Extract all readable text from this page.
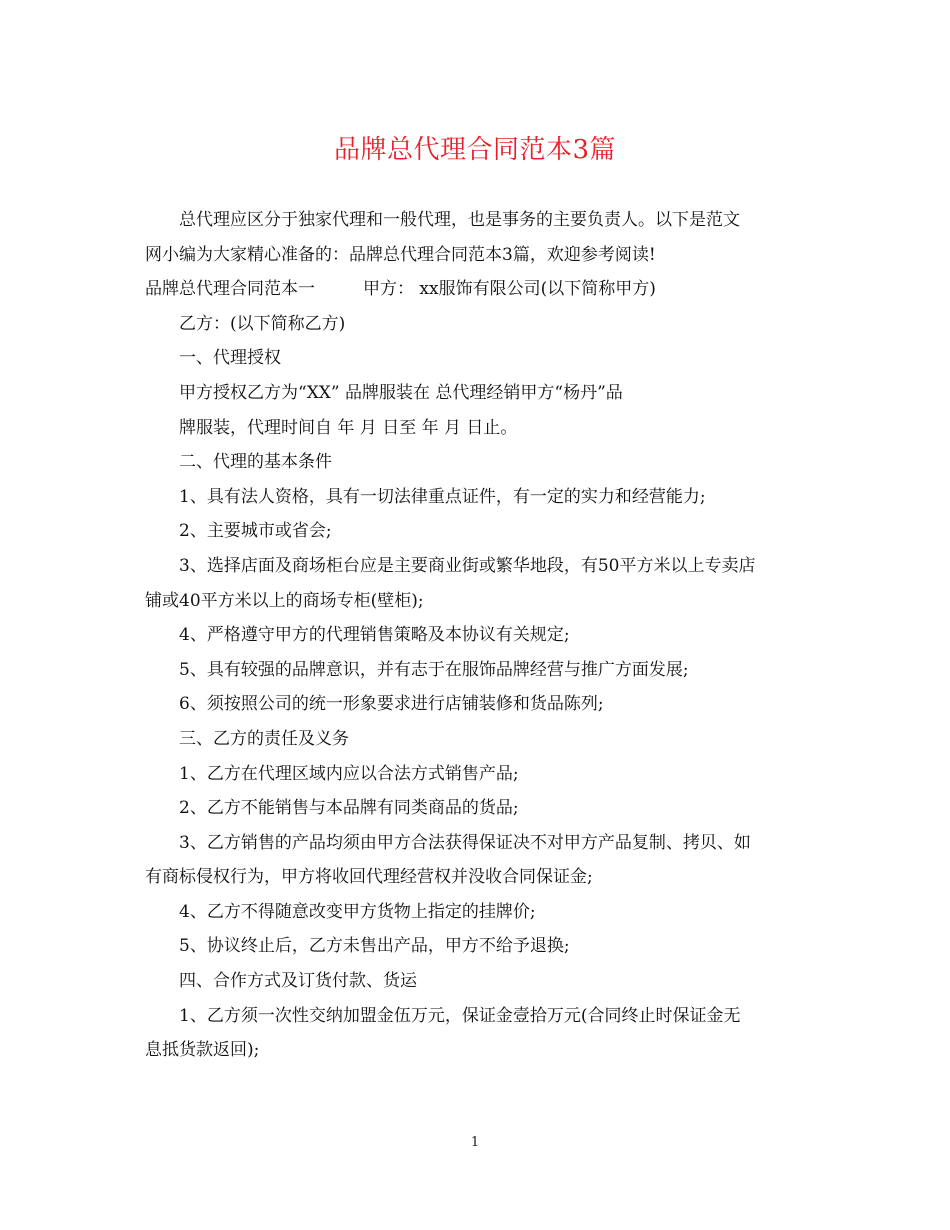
品牌总代理合同范本3篇
总代理应区分于独家代理和一般代理，也是事务的主要负责人。以下是范文
网小编为大家精心准备的：品牌总代理合同范本3篇，欢迎参考阅读!
品牌总代理合同范本一	甲方： xx服饰有限公司(以下简称甲方)
乙方：(以下简称乙方)
一、代理授权
甲方授权乙方为“XX” 品牌服装在 总代理经销甲方“杨丹”品
牌服装，代理时间自 年 月 日至 年 月 日止。
二、代理的基本条件
1、具有法人资格，具有一切法律重点证件，有一定的实力和经营能力;
2、主要城市或省会;
3、选择店面及商场柜台应是主要商业街或繁华地段，有50平方米以上专卖店
铺或40平方米以上的商场专柜(壁柜);
4、严格遵守甲方的代理销售策略及本协议有关规定;
5、具有较强的品牌意识，并有志于在服饰品牌经营与推广方面发展;
6、须按照公司的统一形象要求进行店铺装修和货品陈列;
三、乙方的责任及义务
1、乙方在代理区域内应以合法方式销售产品;
2、乙方不能销售与本品牌有同类商品的货品;
3、乙方销售的产品均须由甲方合法获得保证决不对甲方产品复制、拷贝、如
有商标侵权行为，甲方将收回代理经营权并没收合同保证金;
4、乙方不得随意改变甲方货物上指定的挂牌价;
5、协议终止后，乙方未售出产品，甲方不给予退换;
四、合作方式及订货付款、货运
1、乙方须一次性交纳加盟金伍万元，保证金壹拾万元(合同终止时保证金无
息抵货款返回);
1
